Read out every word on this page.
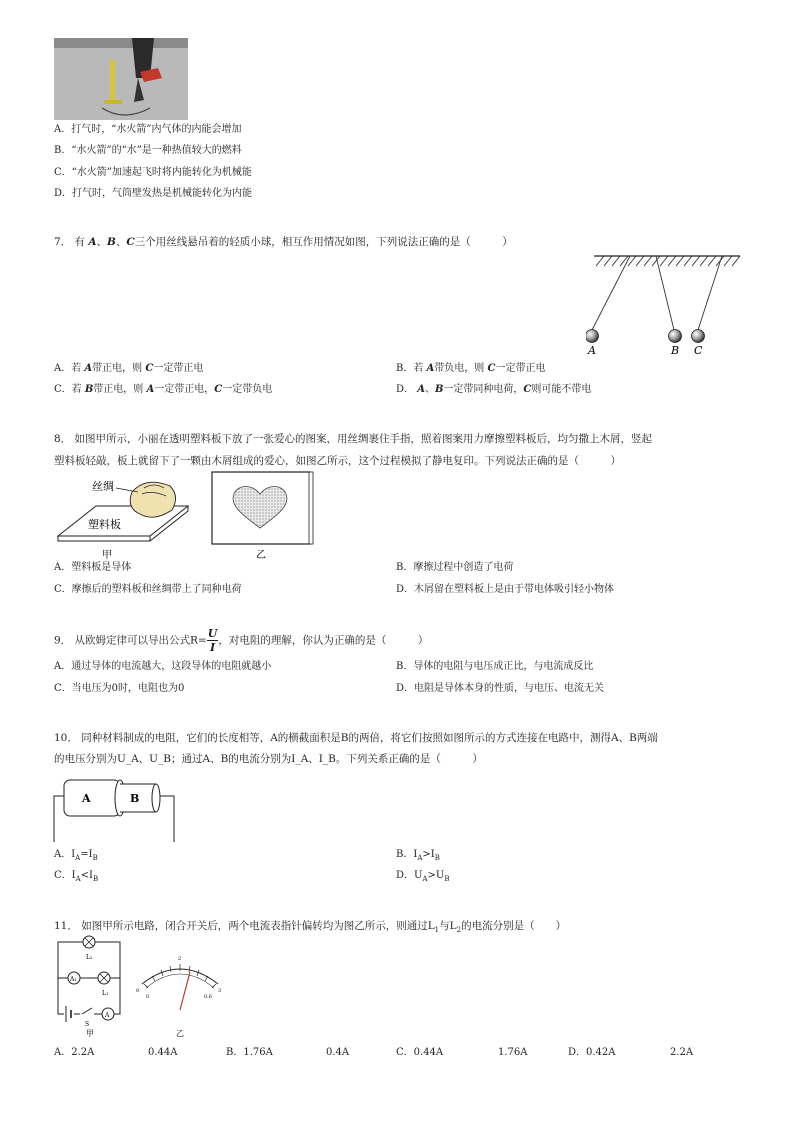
A．打气时，“水火箭”内气体的内能会增加
B．“水火箭”的“水”是一种热值较大的燃料
C．“水火箭”加速起飞时将内能转化为机械能
D．打气时，气筒壁发热是机械能转化为内能
7． 有 A、B、C三个用丝线悬吊着的轻质小球，相互作用情况如图，下列说法正确的是（　　　）
A	B C
A．若 A带正电，则 C一定带正电	B．若 A带负电，则 C一定带正电
C．若 B带正电，则 A一定带正电，C一定带负电	D． A、B一定带同种电荷，C则可能不带电
8． 如图甲所示，小丽在透明塑料板下放了一张爱心的图案，用丝绸裹住手指，照着图案用力摩擦塑料板后，均匀撒上木屑，竖起
塑料板轻敲，板上就留下了一颗由木屑组成的爱心，如图乙所示，这个过程模拟了静电复印。下列说法正确的是（　　　）
丝绸
塑料板
甲	乙
A．塑料板是导体	B．摩擦过程中创造了电荷
C．摩擦后的塑料板和丝绸带上了同种电荷	D．木屑留在塑料板上是由于带电体吸引轻小物体
9． 从欧姆定律可以导出公式$R= \frac{U}{I}$ ，对电阻的理解，你认为正确的是（　　　）
A．通过导体的电流越大，这段导体的电阻就越小	B．导体的电阻与电压成正比，与电流成反比
C．当电压为0时，电阻也为0	D．电阻是导体本身的性质，与电压、电流无关
10． 同种材料制成的电阻，它们的长度相等，A的横截面积是B的两倍，将它们按照如图所示的方式连接在电路中，测得A、B两端
的电压分别为U_A、U_B；通过A、B的电流分别为I_A、I_B。下列关系正确的是（　　　）
A	B
A．$I_A=I_B$	B．$I_A>I_B$
C．$I_A<I_B$	D．$U_A>U_B$
11． 如图甲所示电路，闭合开关后，两个电流表指针偏转均为图乙所示，则通过$L_1$与$L_2$的电流分别是（　　）
L₂
A₁
L₁
S
A
甲
0
2
3
0	0.6
乙
A．2.2A	0.44A	B．1.76A	0.4A	C．0.44A	1.76A	D．0.42A	2.2A
